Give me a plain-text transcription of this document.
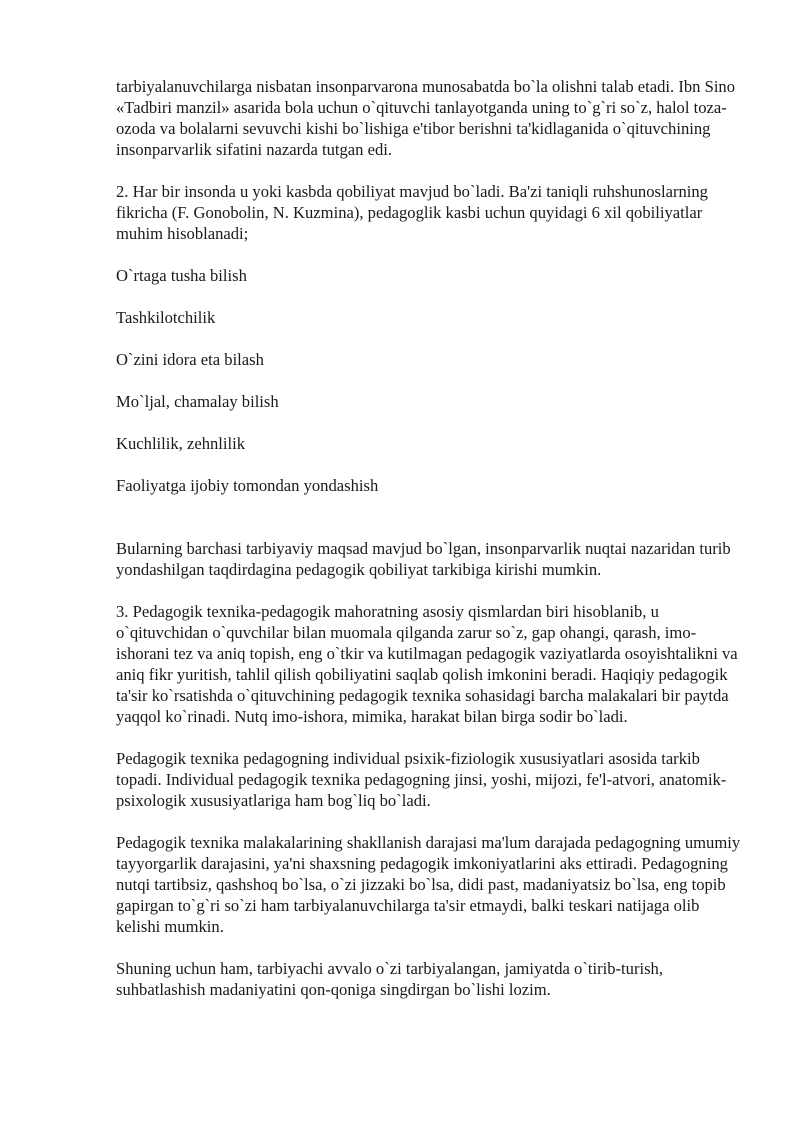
tarbiyalanuvchilarga nisbatan insonparvarona munosabatda bo`la olishni talab etadi. Ibn Sino «Tadbiri manzil» asarida bola uchun o`qituvchi tanlayotganda uning to`g`ri so`z, halol toza-ozoda va bolalarni sevuvchi kishi bo`lishiga e'tibor berishni ta'kidlaganida o`qituvchining insonparvarlik sifatini nazarda tutgan edi.

2. Har bir insonda u yoki kasbda qobiliyat mavjud bo`ladi. Ba'zi taniqli ruhshunoslarning fikricha (F. Gonobolin, N. Kuzmina), pedagoglik kasbi uchun quyidagi 6 xil qobiliyatlar muhim hisoblanadi;

O`rtaga tusha bilish
Tashkilotchilik
O`zini idora eta bilash
Mo`ljal, chamalay bilish
Kuchlilik, zehnlilik
Faoliyatga ijobiy tomondan yondashish

Bularning barchasi tarbiyaviy maqsad mavjud bo`lgan, insonparvarlik nuqtai nazaridan turib yondashilgan taqdirdagina pedagogik qobiliyat tarkibiga kirishi mumkin.

3. Pedagogik texnika-pedagogik mahoratning asosiy qismlardan biri hisoblanib, u o`qituvchidan o`quvchilar bilan muomala qilganda zarur so`z, gap ohangi, qarash, imo-ishorani tez va aniq topish, eng o`tkir va kutilmagan pedagogik vaziyatlarda osoyishtalikni va aniq fikr yuritish, tahlil qilish qobiliyatini saqlab qolish imkonini beradi. Haqiqiy pedagogik ta'sir ko`rsatishda o`qituvchining pedagogik texnika sohasidagi barcha malakalari bir paytda yaqqol ko`rinadi. Nutq imo-ishora, mimika, harakat bilan birga sodir bo`ladi.

Pedagogik texnika pedagogning individual psixik-fiziologik xususiyatlari asosida tarkib topadi. Individual pedagogik texnika pedagogning jinsi, yoshi, mijozi, fe'l-atvori, anatomik-psixologik xususiyatlariga ham bog`liq bo`ladi.

Pedagogik texnika malakalarining shakllanish darajasi ma'lum darajada pedagogning umumiy tayyorgarlik darajasini, ya'ni shaxsning pedagogik imkoniyatlarini aks ettiradi. Pedagogning nutqi tartibsiz, qashshoq bo`lsa, o`zi jizzaki bo`lsa, didi past, madaniyatsiz bo`lsa, eng topib gapirgan to`g`ri so`zi ham tarbiyalanuvchilarga ta'sir etmaydi, balki teskari natijaga olib kelishi mumkin.

Shuning uchun ham, tarbiyachi avvalo o`zi tarbiyalangan, jamiyatda o`tirib-turish, suhbatlashish madaniyatini qon-qoniga singdirgan bo`lishi lozim.
